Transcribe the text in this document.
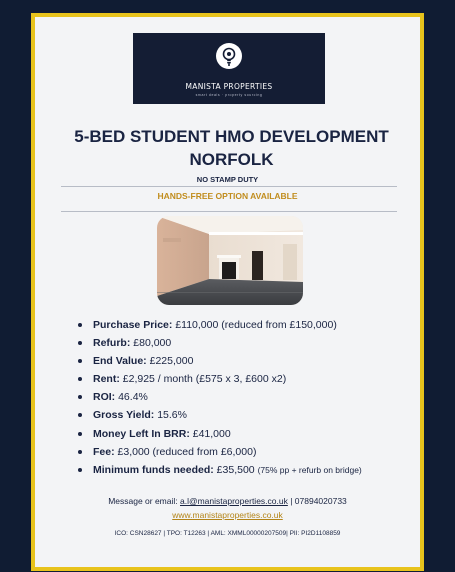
MANISTA PROPERTIES
smart deals · property sourcing
5-BED STUDENT HMO DEVELOPMENT NORFOLK
NO STAMP DUTY
HANDS-FREE OPTION AVAILABLE
Purchase Price: £110,000 (reduced from £150,000)
Refurb: £80,000
End Value: £225,000
Rent: £2,925 / month (£575 x 3, £600 x2)
ROI: 46.4%
Gross Yield: 15.6%
Money Left In BRR: £41,000
Fee: £3,000 (reduced from £6,000)
Minimum funds needed: £35,500 (75% pp + refurb on bridge)
Message or email: a.l@manistaproperties.co.uk | 07894020733
www.manistaproperties.co.uk
ICO: CSN28627 | TPO: T12263 | AML: XMML00000207509| PII: PI2D1108859
